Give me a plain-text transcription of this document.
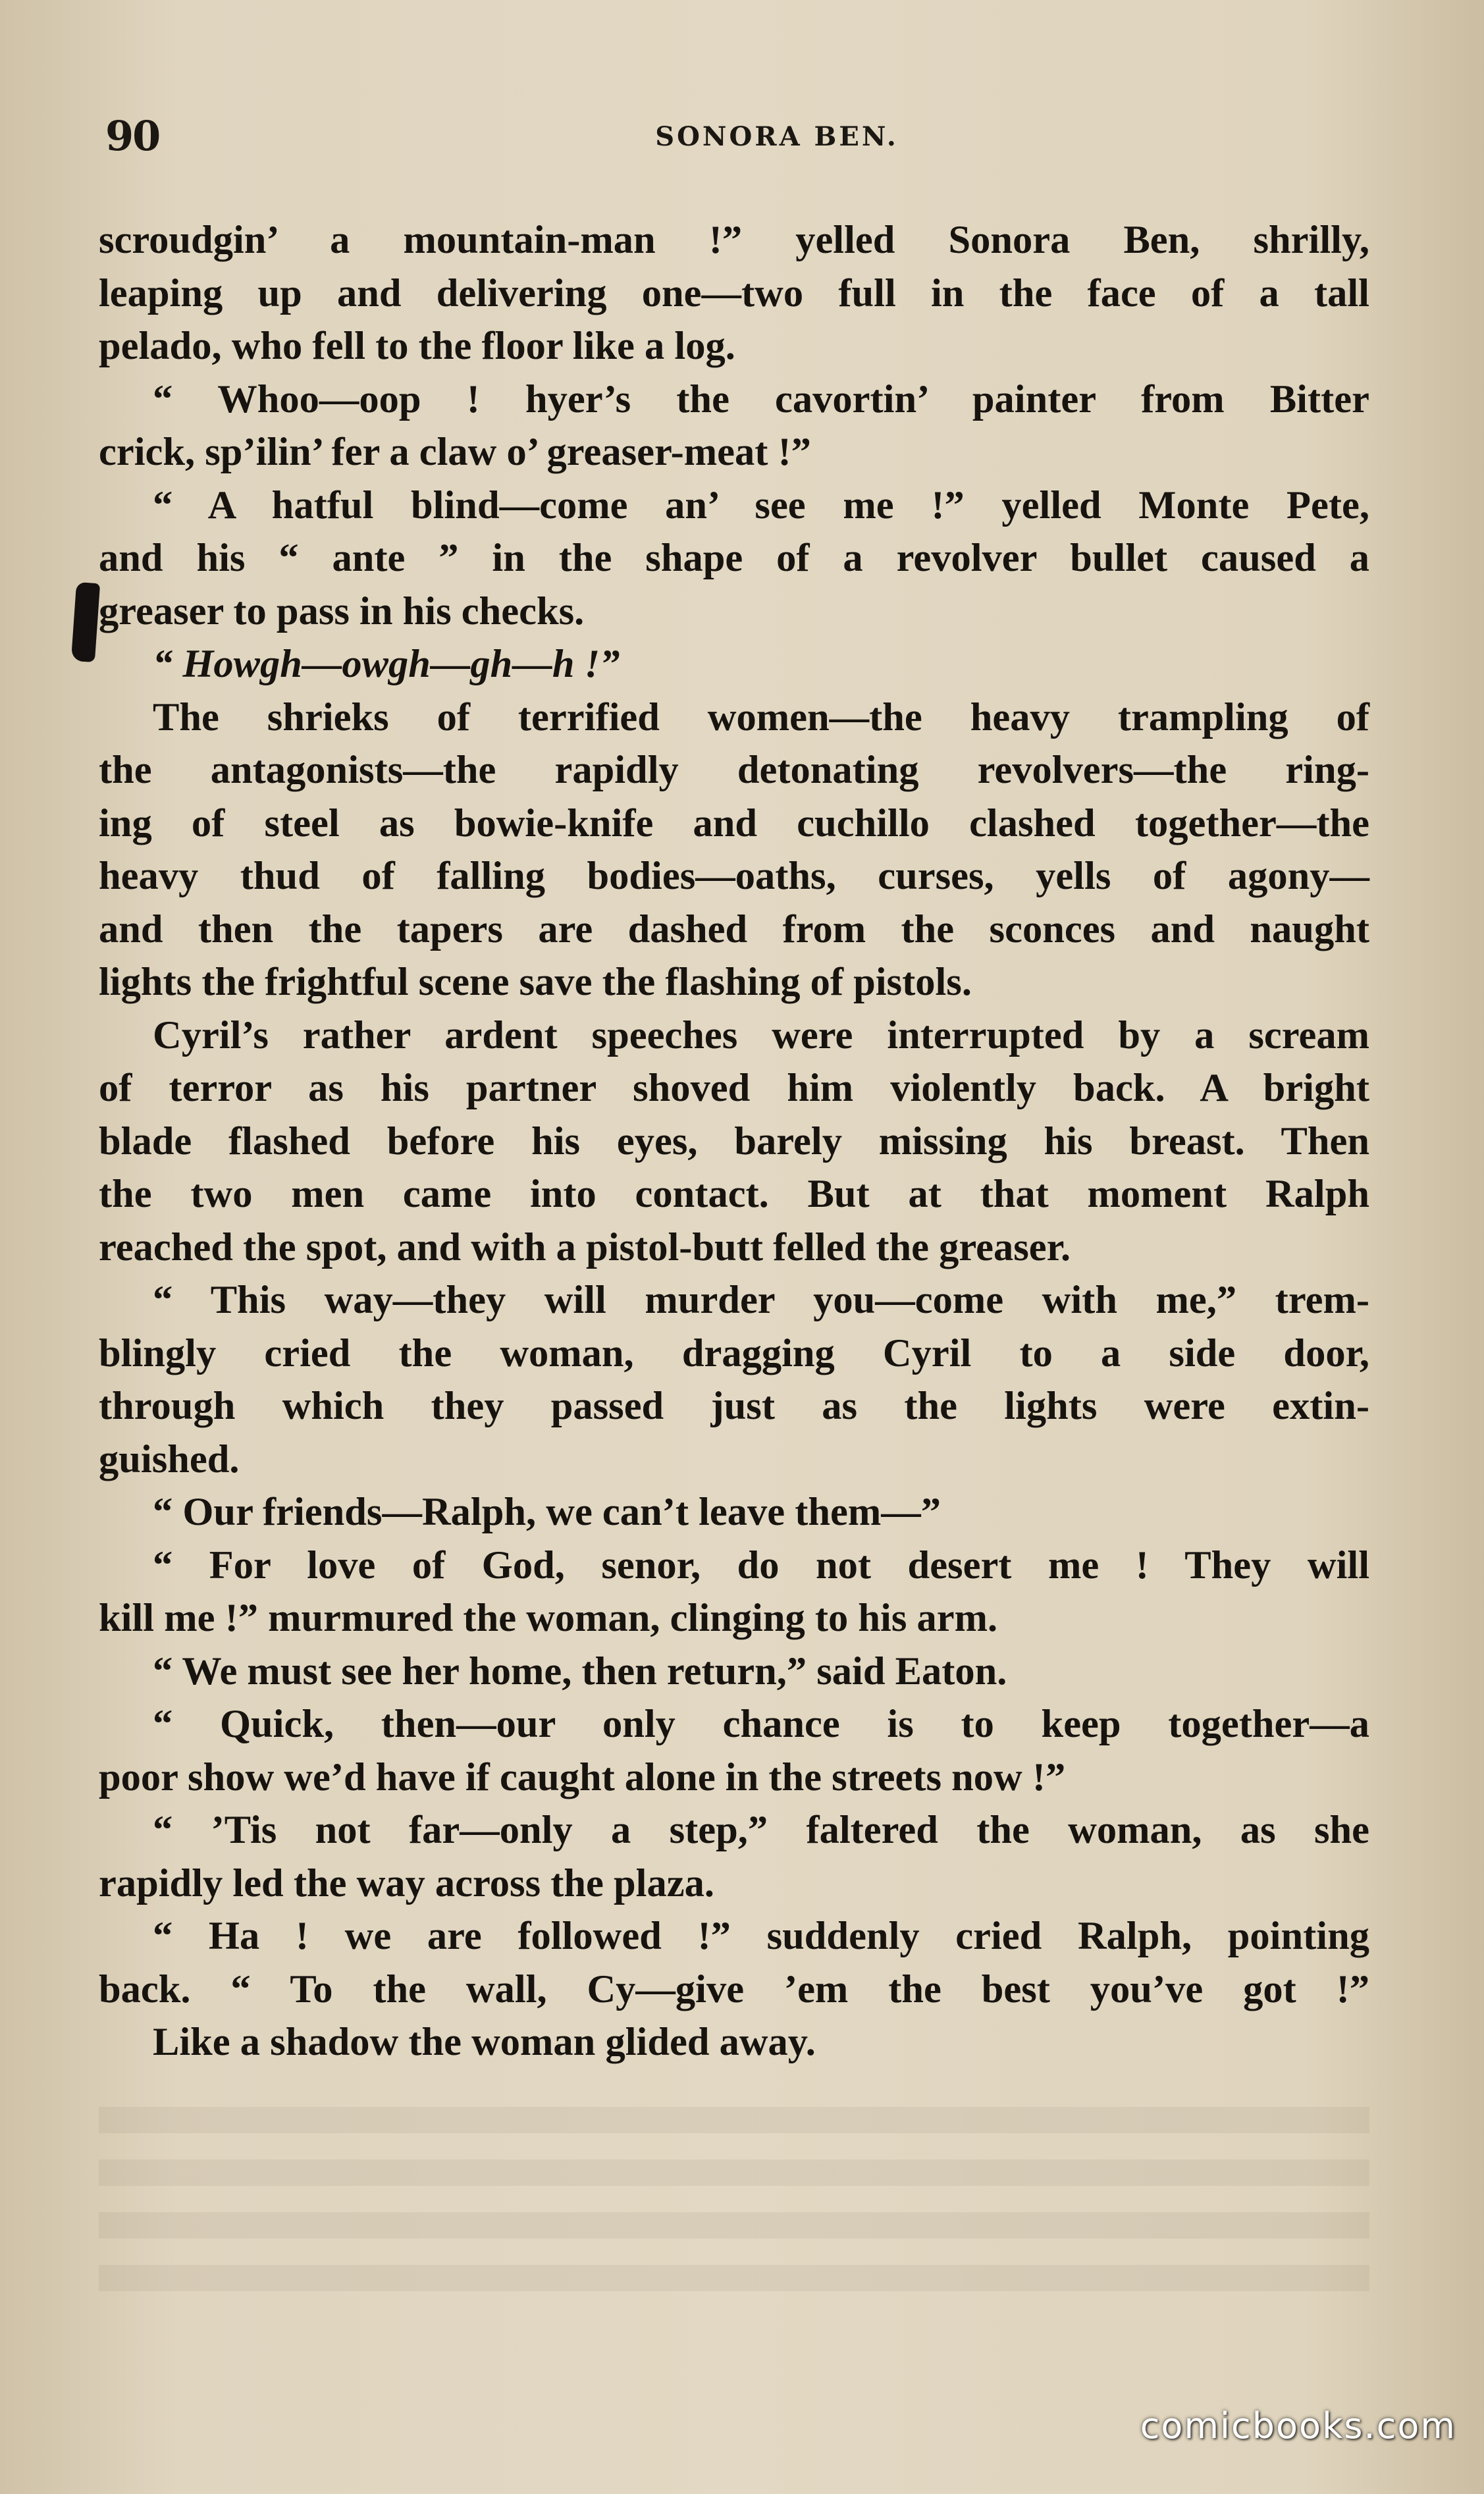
90	SONORA BEN.
scroudgin’ a mountain-man !” yelled Sonora Ben, shrilly,
leaping up and delivering one—two full in the face of a tall
pelado, who fell to the floor like a log.
“ Whoo—oop ! hyer’s the cavortin’ painter from Bitter
crick, sp’ilin’ fer a claw o’ greaser-meat !”
“ A hatful blind—come an’ see me !” yelled Monte Pete,
and his “ ante ” in the shape of a revolver bullet caused a
greaser to pass in his checks.
“ Howgh—owgh—gh—h !”
The shrieks of terrified women—the heavy trampling of
the antagonists—the rapidly detonating revolvers—the ring-
ing of steel as bowie-knife and cuchillo clashed together—the
heavy thud of falling bodies—oaths, curses, yells of agony—
and then the tapers are dashed from the sconces and naught
lights the frightful scene save the flashing of pistols.
Cyril’s rather ardent speeches were interrupted by a scream
of terror as his partner shoved him violently back. A bright
blade flashed before his eyes, barely missing his breast. Then
the two men came into contact. But at that moment Ralph
reached the spot, and with a pistol-butt felled the greaser.
“ This way—they will murder you—come with me,” trem-
blingly cried the woman, dragging Cyril to a side door,
through which they passed just as the lights were extin-
guished.
“ Our friends—Ralph, we can’t leave them—”
“ For love of God, senor, do not desert me ! They will
kill me !” murmured the woman, clinging to his arm.
“ We must see her home, then return,” said Eaton.
“ Quick, then—our only chance is to keep together—a
poor show we’d have if caught alone in the streets now !”
“ ’Tis not far—only a step,” faltered the woman, as she
rapidly led the way across the plaza.
“ Ha ! we are followed !” suddenly cried Ralph, pointing
back. “ To the wall, Cy—give ’em the best you’ve got !”
Like a shadow the woman glided away.
comicbooks.com
